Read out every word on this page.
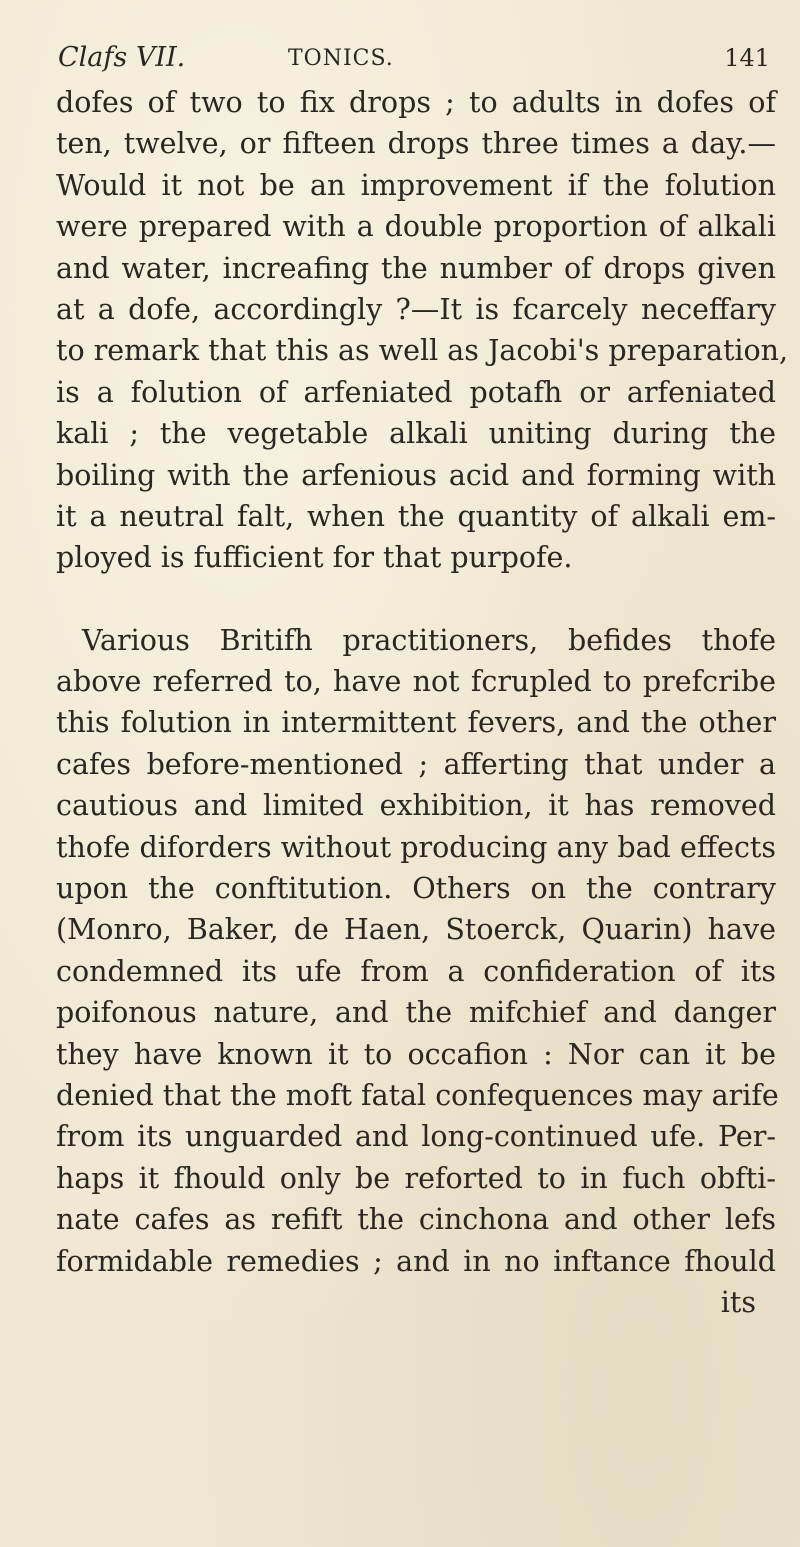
Clafs VII.	TONICS.	141
dofes of two to fix drops ; to adults in dofes of
ten, twelve, or fifteen drops three times a day.—
Would it not be an improvement if the folution
were prepared with a double proportion of alkali
and water, increafing the number of drops given
at a dofe, accordingly ?—It is fcarcely neceffary
to remark that this as well as Jacobi's preparation,
is a folution of arfeniated potafh or arfeniated
kali ; the vegetable alkali uniting during the
boiling with the arfenious acid and forming with
it a neutral falt, when the quantity of alkali em-
ployed is fufficient for that purpofe.
Various Britifh practitioners, befides thofe
above referred to, have not fcrupled to prefcribe
this folution in intermittent fevers, and the other
cafes before-mentioned ; afferting that under a
cautious and limited exhibition, it has removed
thofe diforders without producing any bad effects
upon the conftitution. Others on the contrary
(Monro, Baker, de Haen, Stoerck, Quarin) have
condemned its ufe from a confideration of its
poifonous nature, and the mifchief and danger
they have known it to occafion : Nor can it be
denied that the moft fatal confequences may arife
from its unguarded and long-continued ufe. Per-
haps it fhould only be reforted to in fuch obfti-
nate cafes as refift the cinchona and other lefs
formidable remedies ; and in no inftance fhould
its
